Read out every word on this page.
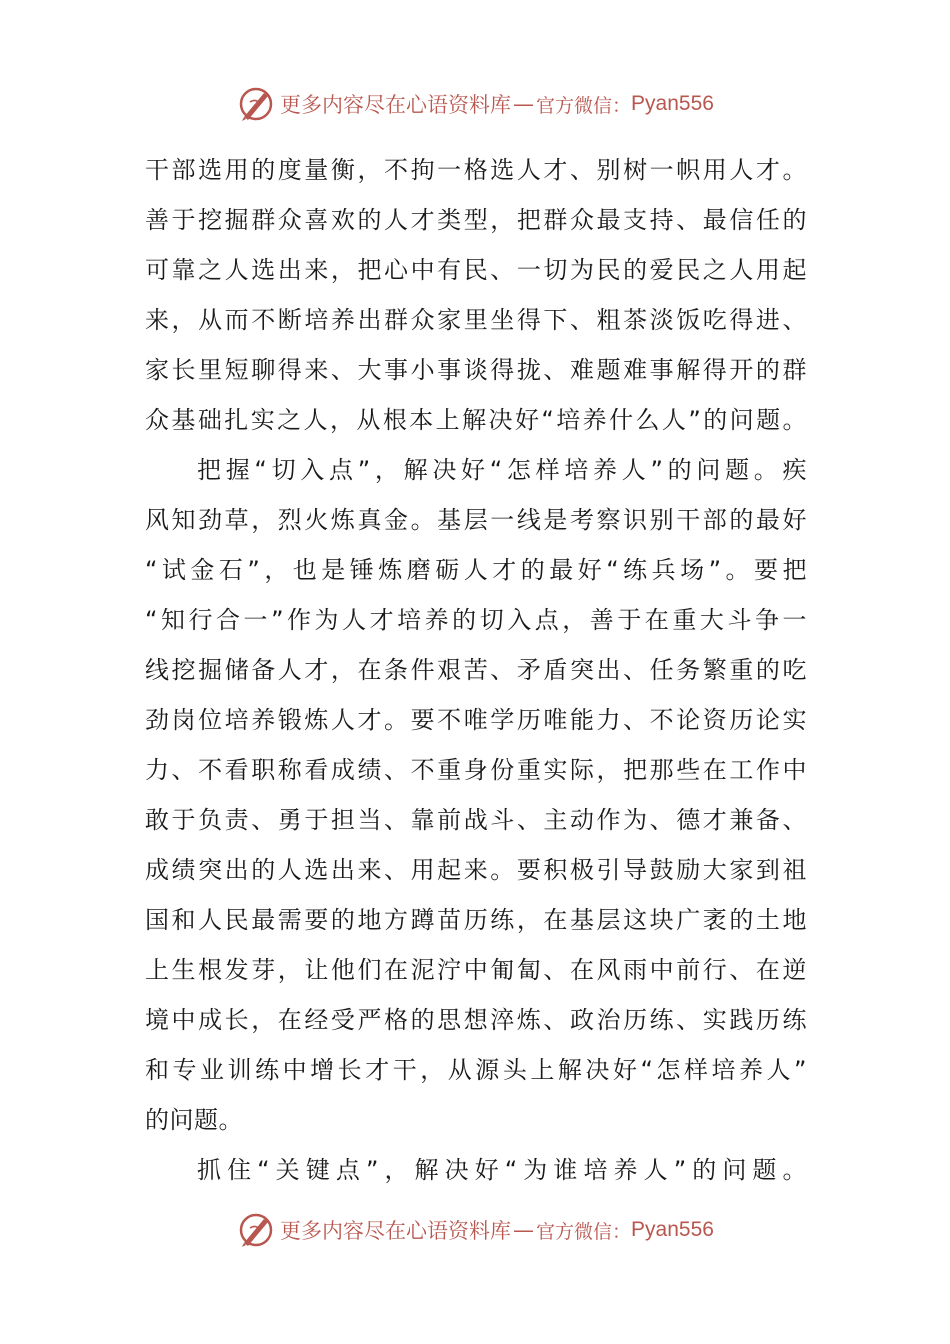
更多内容尽在心语资料库 — 官方微信： Pyan556
干部选用的度量衡，不拘一格选人才、别树一帜用人才。
善于挖掘群众喜欢的人才类型，把群众最支持、最信任的
可靠之人选出来，把心中有民、一切为民的爱民之人用起
来，从而不断培养出群众家里坐得下、粗茶淡饭吃得进、
家长里短聊得来、大事小事谈得拢、难题难事解得开的群
众基础扎实之人，从根本上解决好“培养什么人”的问题。
把握“切入点”，解决好“怎样培养人”的问题。疾
风知劲草，烈火炼真金。基层一线是考察识别干部的最好
“试金石”，也是锤炼磨砺人才的最好“练兵场”。要把
“知行合一”作为人才培养的切入点，善于在重大斗争一
线挖掘储备人才，在条件艰苦、矛盾突出、任务繁重的吃
劲岗位培养锻炼人才。要不唯学历唯能力、不论资历论实
力、不看职称看成绩、不重身份重实际，把那些在工作中
敢于负责、勇于担当、靠前战斗、主动作为、德才兼备、
成绩突出的人选出来、用起来。要积极引导鼓励大家到祖
国和人民最需要的地方蹲苗历练，在基层这块广袤的土地
上生根发芽，让他们在泥泞中匍匐、在风雨中前行、在逆
境中成长，在经受严格的思想淬炼、政治历练、实践历练
和专业训练中增长才干，从源头上解决好“怎样培养人”
的问题。
抓住“关键点”，解决好“为谁培养人”的问题。
更多内容尽在心语资料库 — 官方微信： Pyan556
